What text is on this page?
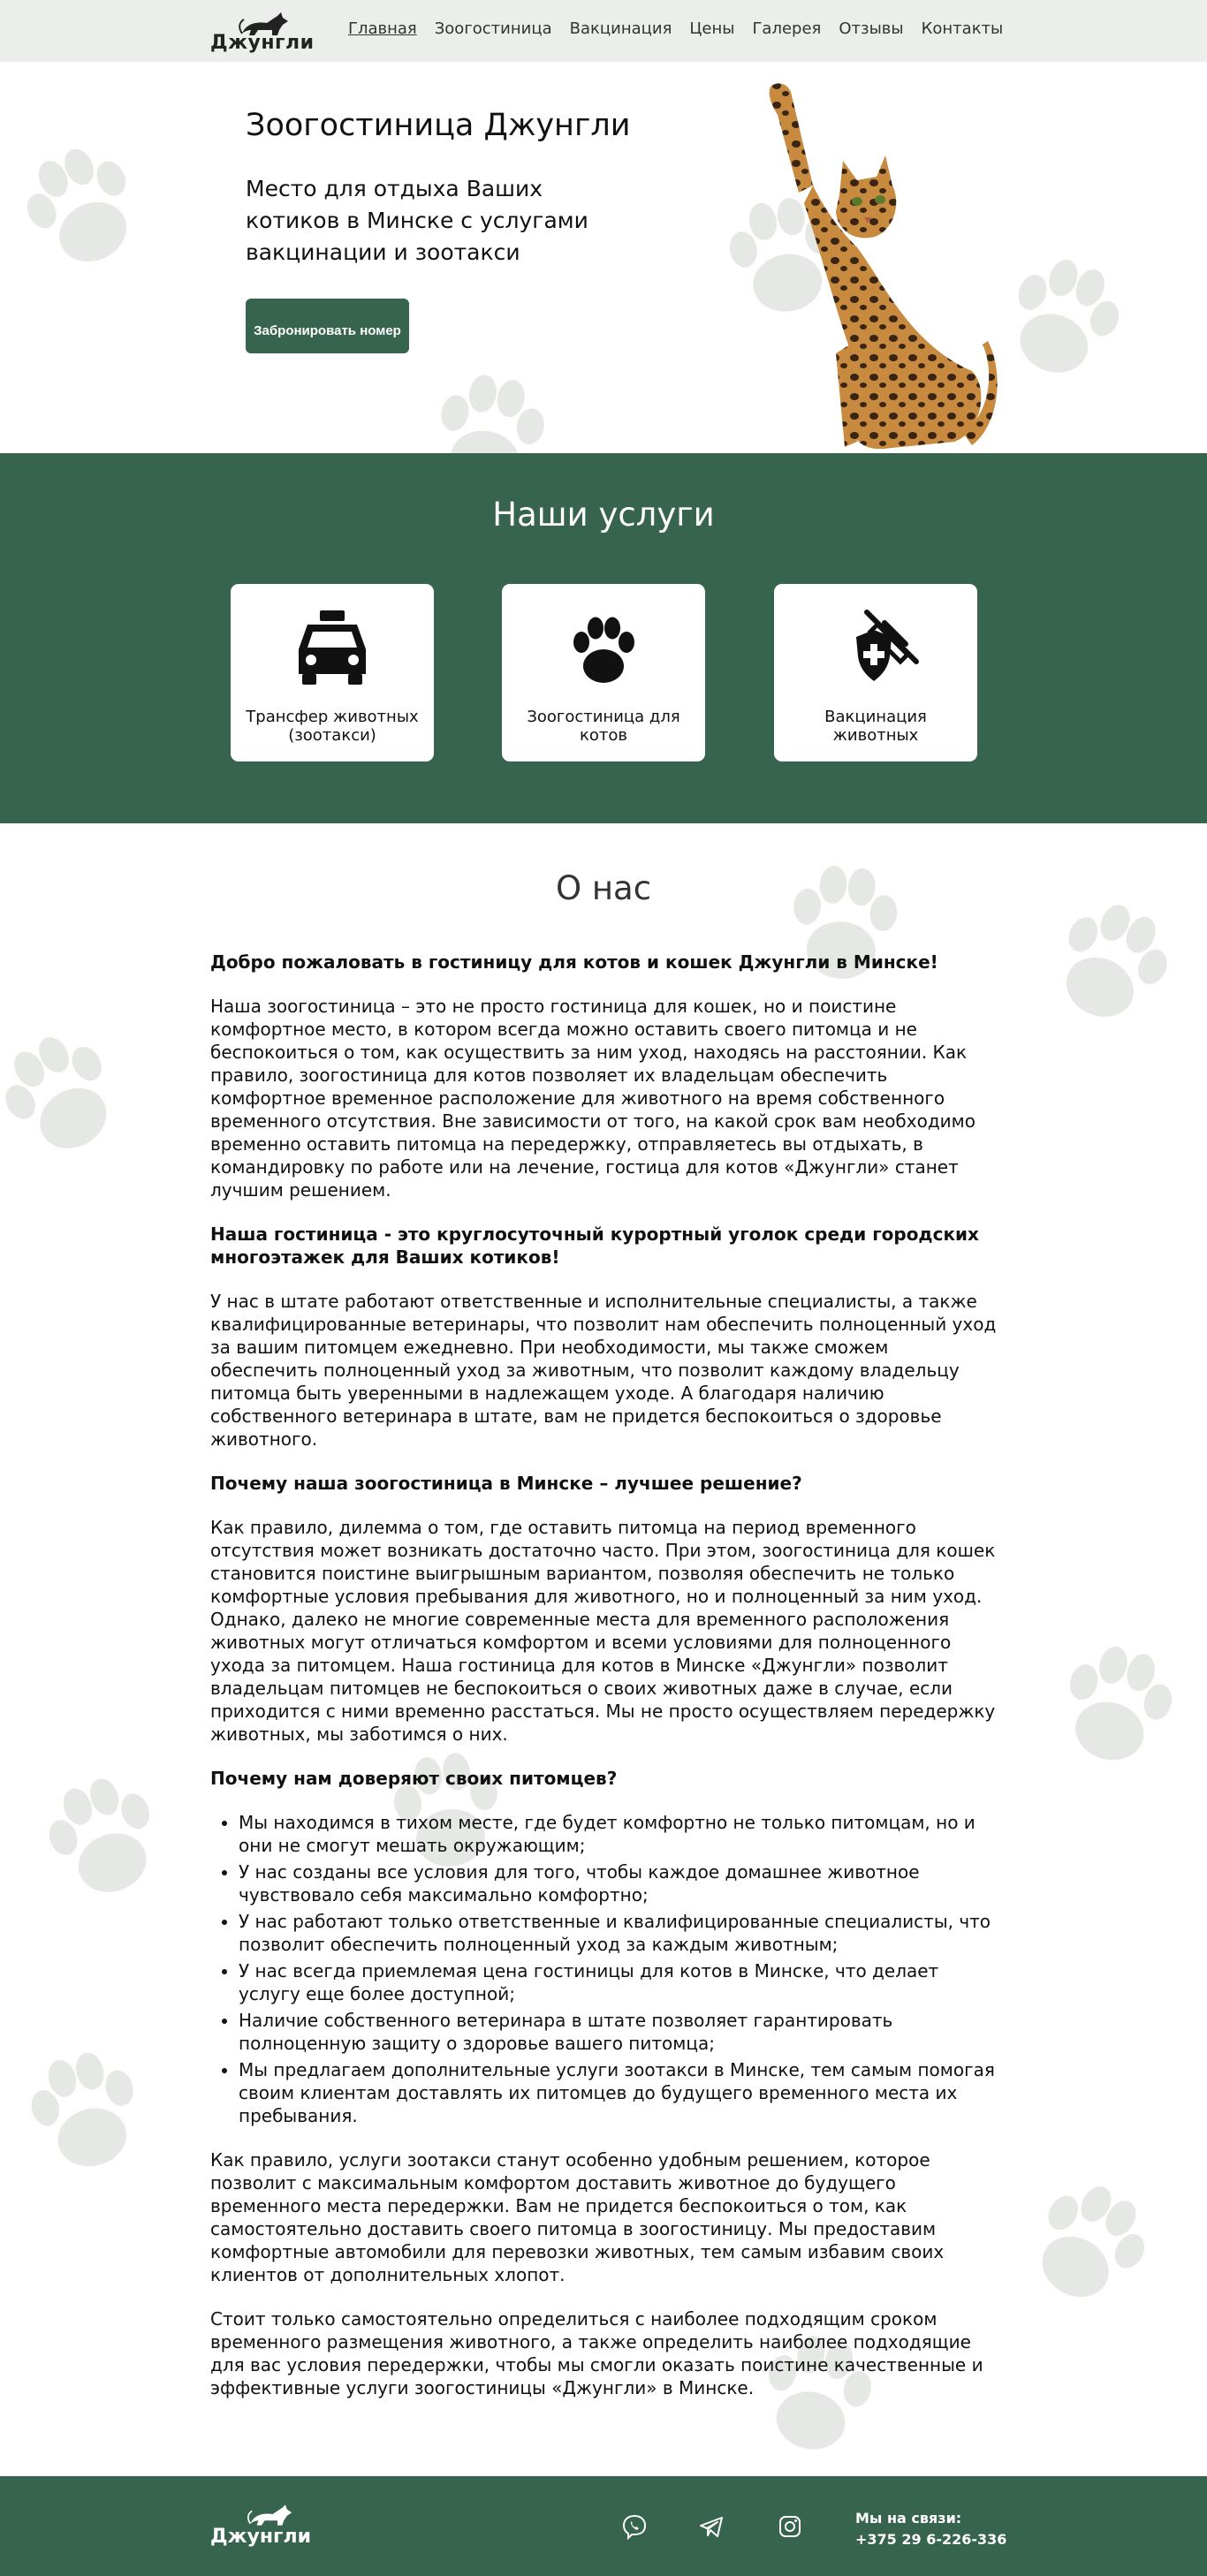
Джунгли
Главная Зоогостиница Вакцинация Цены Галерея Отзывы Контакты
Зоогостиница Джунгли

Место для отдыха Ваших котиков в Минске с услугами вакцинации и зоотакси

Забронировать номер
Наши услуги
Трансфер животных (зоотакси)
Зоогостиница для котов
Вакцинация животных
О нас

Добро пожаловать в гостиницу для котов и кошек Джунгли в Минске!

Наша зоогостиница – это не просто гостиница для кошек, но и поистине комфортное место, в котором всегда можно оставить своего питомца и не беспокоиться о том, как осуществить за ним уход, находясь на расстоянии. Как правило, зоогостиница для котов позволяет их владельцам обеспечить комфортное временное расположение для животного на время собственного временного отсутствия. Вне зависимости от того, на какой срок вам необходимо временно оставить питомца на передержку, отправляетесь вы отдыхать, в командировку по работе или на лечение, гостица для котов «Джунгли» станет лучшим решением.

Наша гостиница - это круглосуточный курортный уголок среди городских многоэтажек для Ваших котиков!

У нас в штате работают ответственные и исполнительные специалисты, а также квалифицированные ветеринары, что позволит нам обеспечить полноценный уход за вашим питомцем ежедневно. При необходимости, мы также сможем обеспечить полноценный уход за животным, что позволит каждому владельцу питомца быть уверенными в надлежащем уходе. А благодаря наличию собственного ветеринара в штате, вам не придется беспокоиться о здоровье животного.

Почему наша зоогостиница в Минске – лучшее решение?

Как правило, дилемма о том, где оставить питомца на период временного отсутствия может возникать достаточно часто. При этом, зоогостиница для кошек становится поистине выигрышным вариантом, позволяя обеспечить не только комфортные условия пребывания для животного, но и полноценный за ним уход. Однако, далеко не многие современные места для временного расположения животных могут отличаться комфортом и всеми условиями для полноценного ухода за питомцем. Наша гостиница для котов в Минске «Джунгли» позволит владельцам питомцев не беспокоиться о своих животных даже в случае, если приходится с ними временно расстаться. Мы не просто осуществляем передержку животных, мы заботимся о них.

Почему нам доверяют своих питомцев?

• Мы находимся в тихом месте, где будет комфортно не только питомцам, но и они не смогут мешать окружающим;
• У нас созданы все условия для того, чтобы каждое домашнее животное чувствовало себя максимально комфортно;
• У нас работают только ответственные и квалифицированные специалисты, что позволит обеспечить полноценный уход за каждым животным;
• У нас всегда приемлемая цена гостиницы для котов в Минске, что делает услугу еще более доступной;
• Наличие собственного ветеринара в штате позволяет гарантировать полноценную защиту о здоровье вашего питомца;
• Мы предлагаем дополнительные услуги зоотакси в Минске, тем самым помогая своим клиентам доставлять их питомцев до будущего временного места их пребывания.

Как правило, услуги зоотакси станут особенно удобным решением, которое позволит с максимальным комфортом доставить животное до будущего временного места передержки. Вам не придется беспокоиться о том, как самостоятельно доставить своего питомца в зоогостиницу. Мы предоставим комфортные автомобили для перевозки животных, тем самым избавим своих клиентов от дополнительных хлопот.

Стоит только самостоятельно определиться с наиболее подходящим сроком временного размещения животного, а также определить наиболее подходящие для вас условия передержки, чтобы мы смогли оказать поистине качественные и эффективные услуги зоогостиницы «Джунгли» в Минске.

Джунгли
Мы на связи:
+375 29 6-226-336
